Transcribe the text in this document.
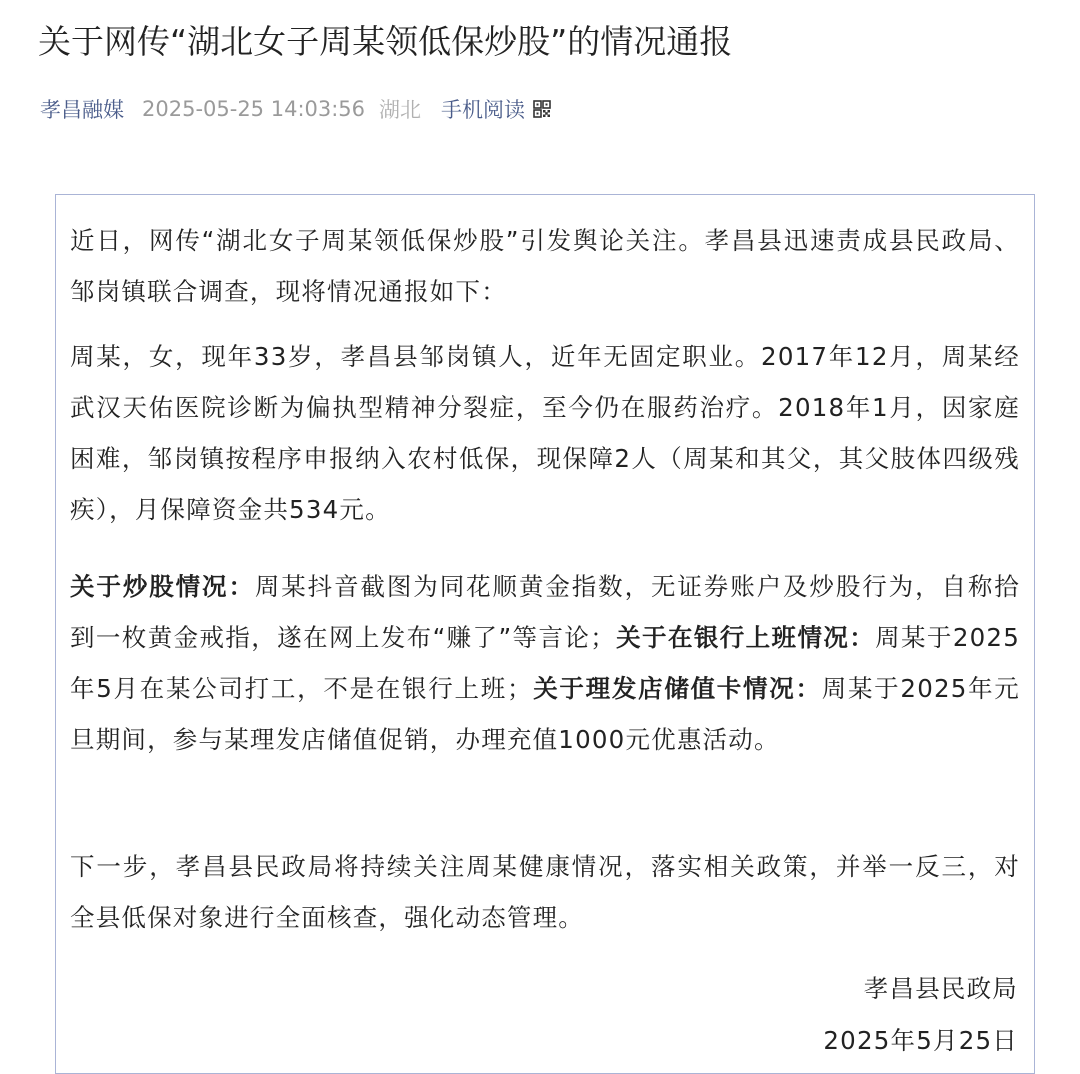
关于网传“湖北女子周某领低保炒股”的情况通报
孝昌融媒 2025-05-25 14:03:56 湖北 手机阅读

近日，网传“湖北女子周某领低保炒股”引发舆论关注。孝昌县迅速责成县民政局、邹岗镇联合调查，现将情况通报如下：

周某，女，现年33岁，孝昌县邹岗镇人，近年无固定职业。2017年12月，周某经武汉天佑医院诊断为偏执型精神分裂症，至今仍在服药治疗。2018年1月，因家庭困难，邹岗镇按程序申报纳入农村低保，现保障2人（周某和其父，其父肢体四级残疾），月保障资金共534元。

关于炒股情况：周某抖音截图为同花顺黄金指数，无证券账户及炒股行为，自称拾到一枚黄金戒指，遂在网上发布“赚了”等言论；关于在银行上班情况：周某于2025年5月在某公司打工，不是在银行上班；关于理发店储值卡情况：周某于2025年元旦期间，参与某理发店储值促销，办理充值1000元优惠活动。

下一步，孝昌县民政局将持续关注周某健康情况，落实相关政策，并举一反三，对全县低保对象进行全面核查，强化动态管理。

孝昌县民政局

2025年5月25日
